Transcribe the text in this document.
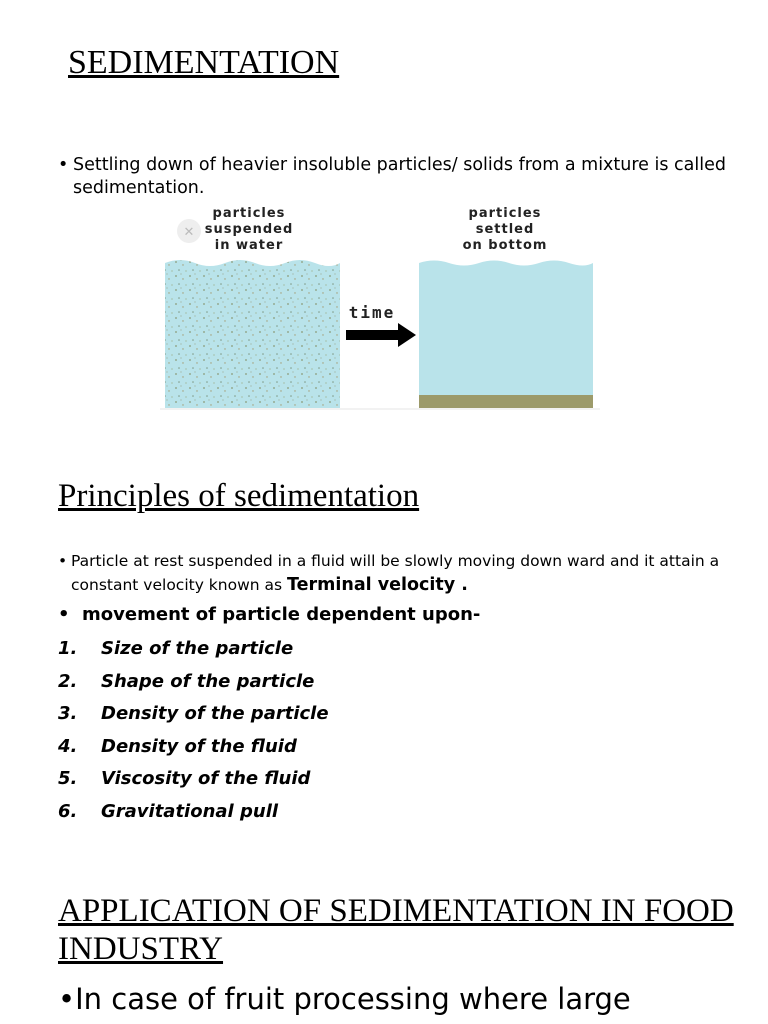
SEDIMENTATION
• Settling down of heavier insoluble particles/ solids from a mixture is called sedimentation.
particles
suspended
in water
✕
particles
settled
on bottom
time
Principles of sedimentation
• Particle at rest suspended in a fluid will be slowly moving down ward and it attain a constant velocity known as Terminal velocity .
•  movement of particle dependent upon-
1. Size of the particle
2. Shape of the particle
3. Density of the particle
4. Density of the fluid
5. Viscosity of the fluid
6. Gravitational pull
APPLICATION OF SEDIMENTATION IN FOOD INDUSTRY
•In case of fruit processing where large
